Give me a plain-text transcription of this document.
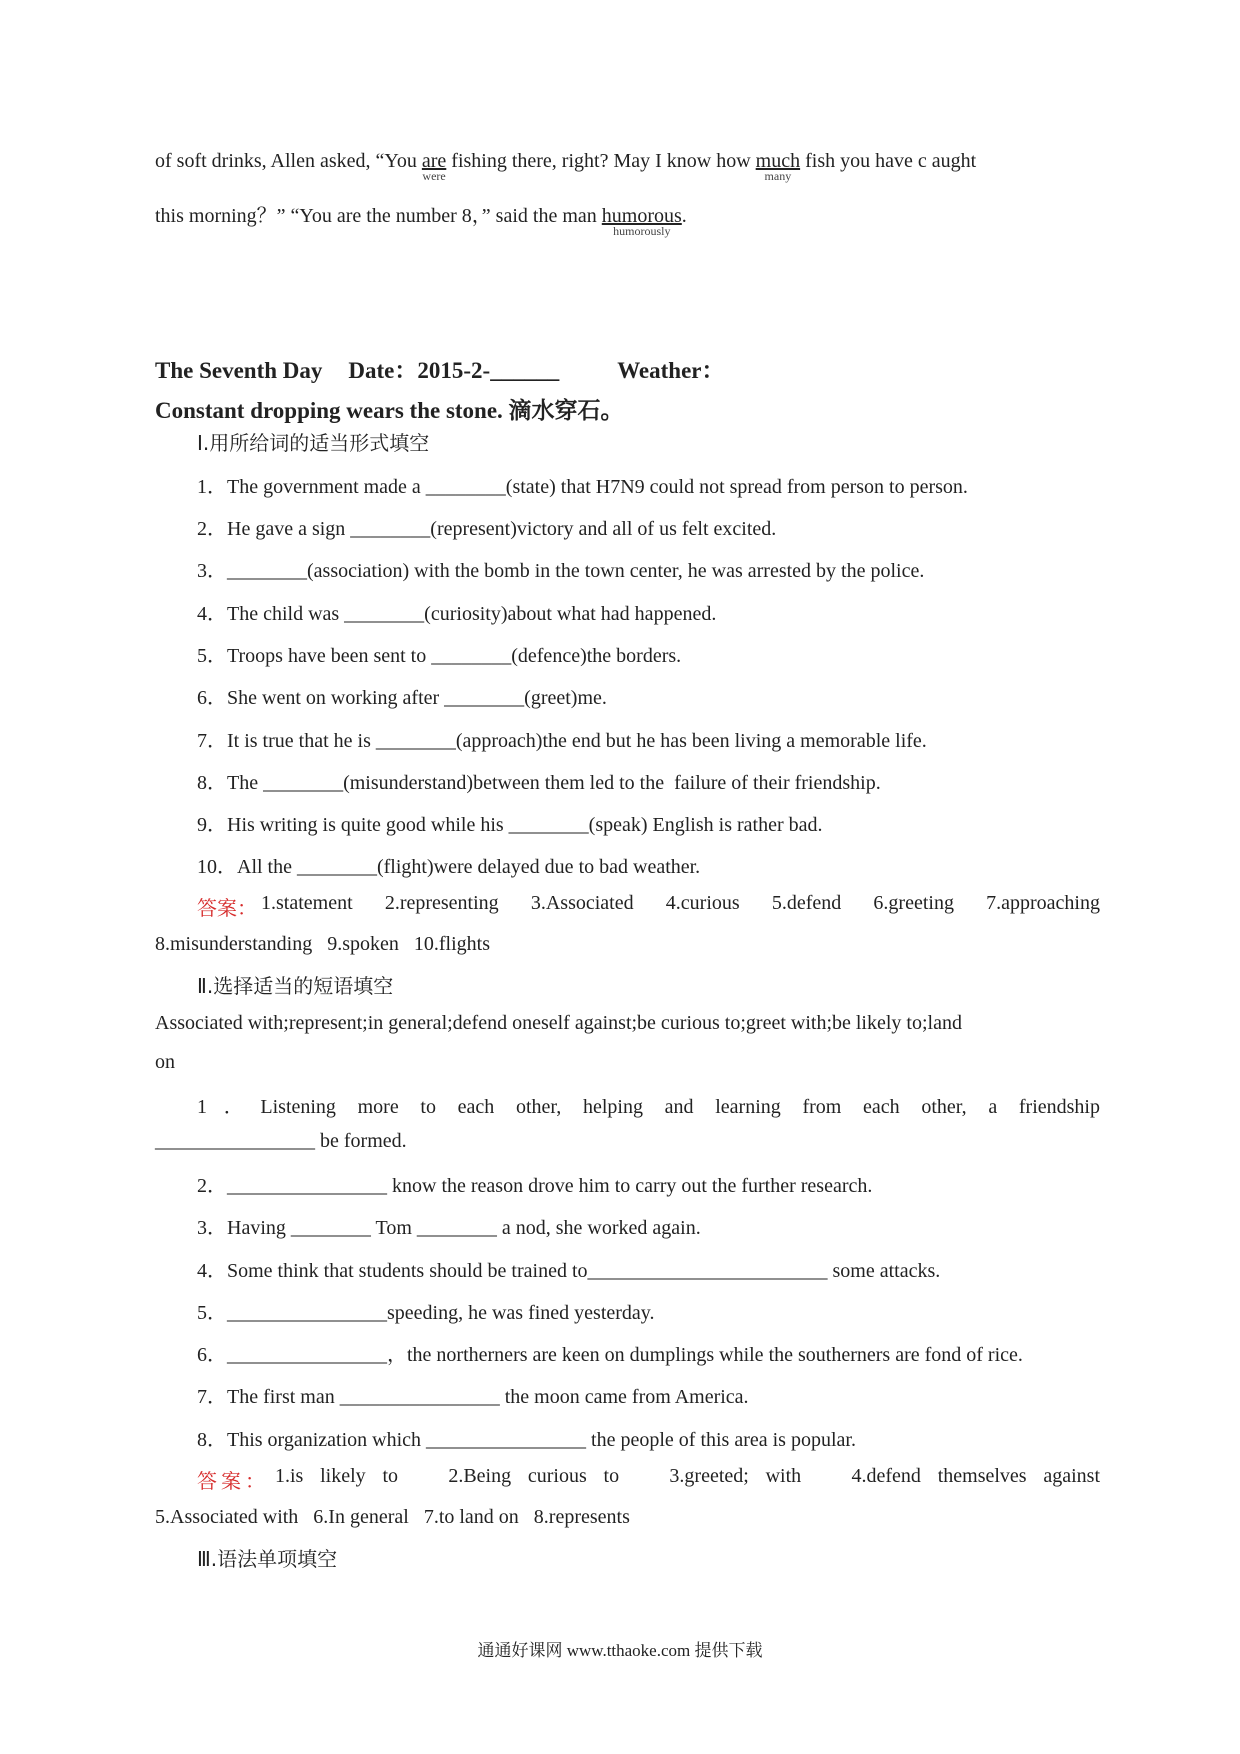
of soft drinks, Allen asked, “You are
were
fishing there, right? May I know how much
many
fish you have c aught
this morning？” “You are the number 8，” said the man humorous
humorously
.
The Seventh Day Date：2015-2-______	Weather：
Constant dropping wears the stone. 滴水穿石。
Ⅰ.用所给词的适当形式填空
1．The government made a ________(state) that H7N9 could not spread from person to person.
2．He gave a sign ________(represent)victory and all of us felt excited.
3．________(association) with the bomb in the town center, he was arrested by the police.
4．The child was ________(curiosity)about what had happened.
5．Troops have been sent to ________(defence)the borders.
6．She went on working after ________(greet)me.
7．It is true that he is ________(approach)the end but he has been living a memorable life.
8．The ________(misunderstand)between them led to the  failure of their friendship.
9．His writing is quite good while his ________(speak) English is rather bad.
10．All the ________(flight)were delayed due to bad weather.
答案： 1.statement 2.representing 3.Associated 4.curious 5.defend 6.greeting 7.approaching
8.misunderstanding   9.spoken   10.flights
Ⅱ.选择适当的短语填空
Associated with;represent;in general;defend oneself against;be curious to;greet with;be likely to;land
on
1．Listening more to each other, helping and learning from each other, a friendship
________________ be formed.
2．________________ know the reason drove him to carry out the further research.
3．Having ________ Tom ________ a nod, she worked again.
4．Some think that students should be trained to________________________ some attacks.
5．________________speeding, he was fined yesterday.
6．________________，the northerners are keen on dumplings while the southerners are fond of rice.
7．The first man ________________ the moon came from America.
8．This organization which ________________ the people of this area is popular.
答案： 1.is likely to   2.Being curious to   3.greeted; with   4.defend themselves against
5.Associated with   6.In general   7.to land on   8.represents
Ⅲ.语法单项填空
通通好课网 www.tthaoke.com 提供下载
